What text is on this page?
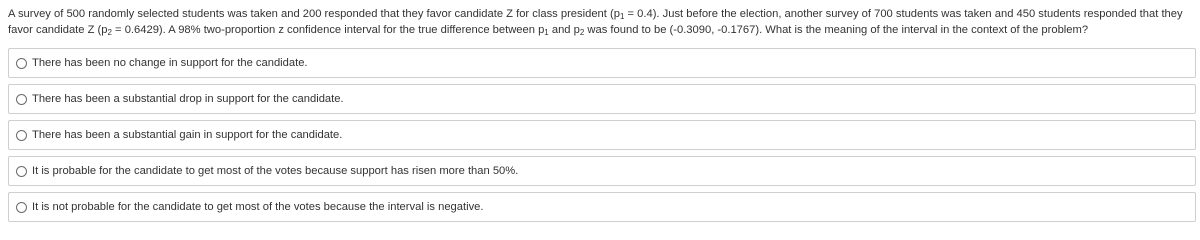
A survey of 500 randomly selected students was taken and 200 responded that they favor candidate Z for class president $(p_1 = 0.4)$. Just before the election, another survey of 700 students was taken and 450 students responded that they favor candidate Z $(p_2 = 0.6429)$. A 98% two-proportion z confidence interval for the true difference between $p_1$ and $p_2$ was found to be (-0.3090, -0.1767). What is the meaning of the interval in the context of the problem?
There has been no change in support for the candidate.
There has been a substantial drop in support for the candidate.
There has been a substantial gain in support for the candidate.
It is probable for the candidate to get most of the votes because support has risen more than 50%.
It is not probable for the candidate to get most of the votes because the interval is negative.
